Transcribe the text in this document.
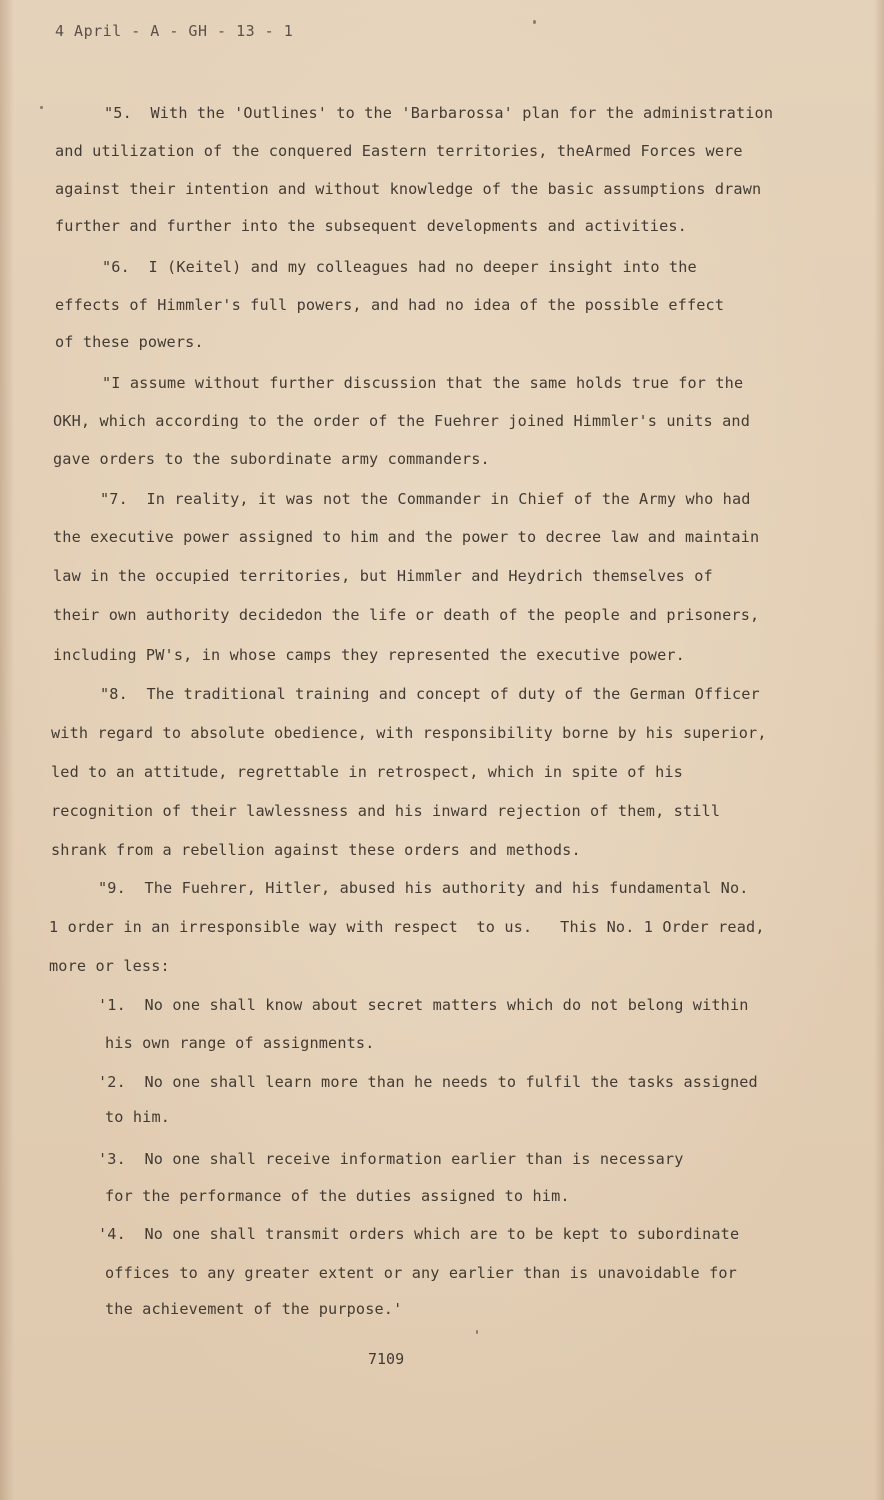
4 April - A - GH - 13 - 1
"5.  With the 'Outlines' to the 'Barbarossa' plan for the administration
and utilization of the conquered Eastern territories, theArmed Forces were
against their intention and without knowledge of the basic assumptions drawn
further and further into the subsequent developments and activities.
"6.  I (Keitel) and my colleagues had no deeper insight into the
effects of Himmler's full powers, and had no idea of the possible effect
of these powers.
"I assume without further discussion that the same holds true for the
OKH, which according to the order of the Fuehrer joined Himmler's units and
gave orders to the subordinate army commanders.
"7.  In reality, it was not the Commander in Chief of the Army who had
the executive power assigned to him and the power to decree law and maintain
law in the occupied territories, but Himmler and Heydrich themselves of
their own authority decidedon the life or death of the people and prisoners,
including PW's, in whose camps they represented the executive power.
"8.  The traditional training and concept of duty of the German Officer
with regard to absolute obedience, with responsibility borne by his superior,
led to an attitude, regrettable in retrospect, which in spite of his
recognition of their lawlessness and his inward rejection of them, still
shrank from a rebellion against these orders and methods.
"9.  The Fuehrer, Hitler, abused his authority and his fundamental No.
1 order in an irresponsible way with respect  to us.   This No. 1 Order read,
more or less:
'1.  No one shall know about secret matters which do not belong within
his own range of assignments.
'2.  No one shall learn more than he needs to fulfil the tasks assigned
to him.
'3.  No one shall receive information earlier than is necessary
for the performance of the duties assigned to him.
'4.  No one shall transmit orders which are to be kept to subordinate
offices to any greater extent or any earlier than is unavoidable for
the achievement of the purpose.'
7109
